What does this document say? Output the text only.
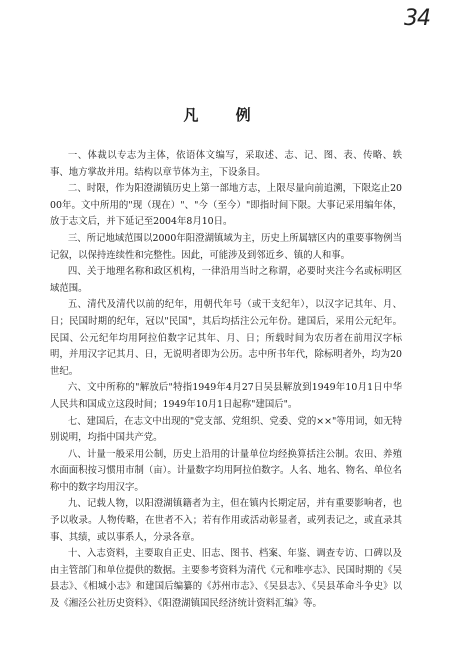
34
凡 例

一、体裁以专志为主体，依语体文编写，采取述、志、记、图、表、传略、轶事、地方掌故并用。结构以章节体为主，下设条目。

二、时限，作为阳澄湖镇历史上第一部地方志，上限尽量向前追溯，下限迄止2000年。文中所用的"现（现在）"、"今（至今）"即指时间下限。大事记采用编年体，放于志文后，并下延记至2004年8月10日。

三、所记地域范围以2000年阳澄湖镇域为主，历史上所属辖区内的重要事物例当记叙，以保持连续性和完整性。因此，可能涉及到邻近乡、镇的人和事。

四、关于地理名称和政区机构，一律沿用当时之称谓，必要时夹注今名或标明区域范围。

五、清代及清代以前的纪年，用朝代年号（或干支纪年），以汉字记其年、月、日；民国时期的纪年，冠以"民国"，其后均括注公元年份。建国后，采用公元纪年。民国、公元纪年均用阿拉伯数字记其年、月、日；所载时间为农历者在前用汉字标明，并用汉字记其月、日，无说明者即为公历。志中所书年代，除标明者外，均为20世纪。

六、文中所称的"解放后"特指1949年4月27日吴县解放到1949年10月1日中华人民共和国成立这段时间；1949年10月1日起称"建国后"。

七、建国后，在志文中出现的"党支部、党组织、党委、党的××"等用词，如无特别说明，均指中国共产党。

八、计量一般采用公制，历史上沿用的计量单位均经换算括注公制。农田、养殖水面面积按习惯用市制（亩）。计量数字均用阿拉伯数字。人名、地名、物名、单位名称中的数字均用汉字。

九、记载人物，以阳澄湖镇籍者为主，但在镇内长期定居，并有重要影响者，也予以收录。人物传略，在世者不入；若有作用或活动彰显者，或列表记之，或直录其事、其绩，或以事系人，分录各章。

十、入志资料，主要取自正史、旧志、图书、档案、年鉴、调查专访、口碑以及由主管部门和单位提供的数据。主要参考资料为清代《元和唯亭志》、民国时期的《吴县志》、《相城小志》和建国后编纂的《苏州市志》、《吴县志》、《吴县革命斗争史》以及《湘泾公社历史资料》、《阳澄湖镇国民经济统计资料汇编》等。
